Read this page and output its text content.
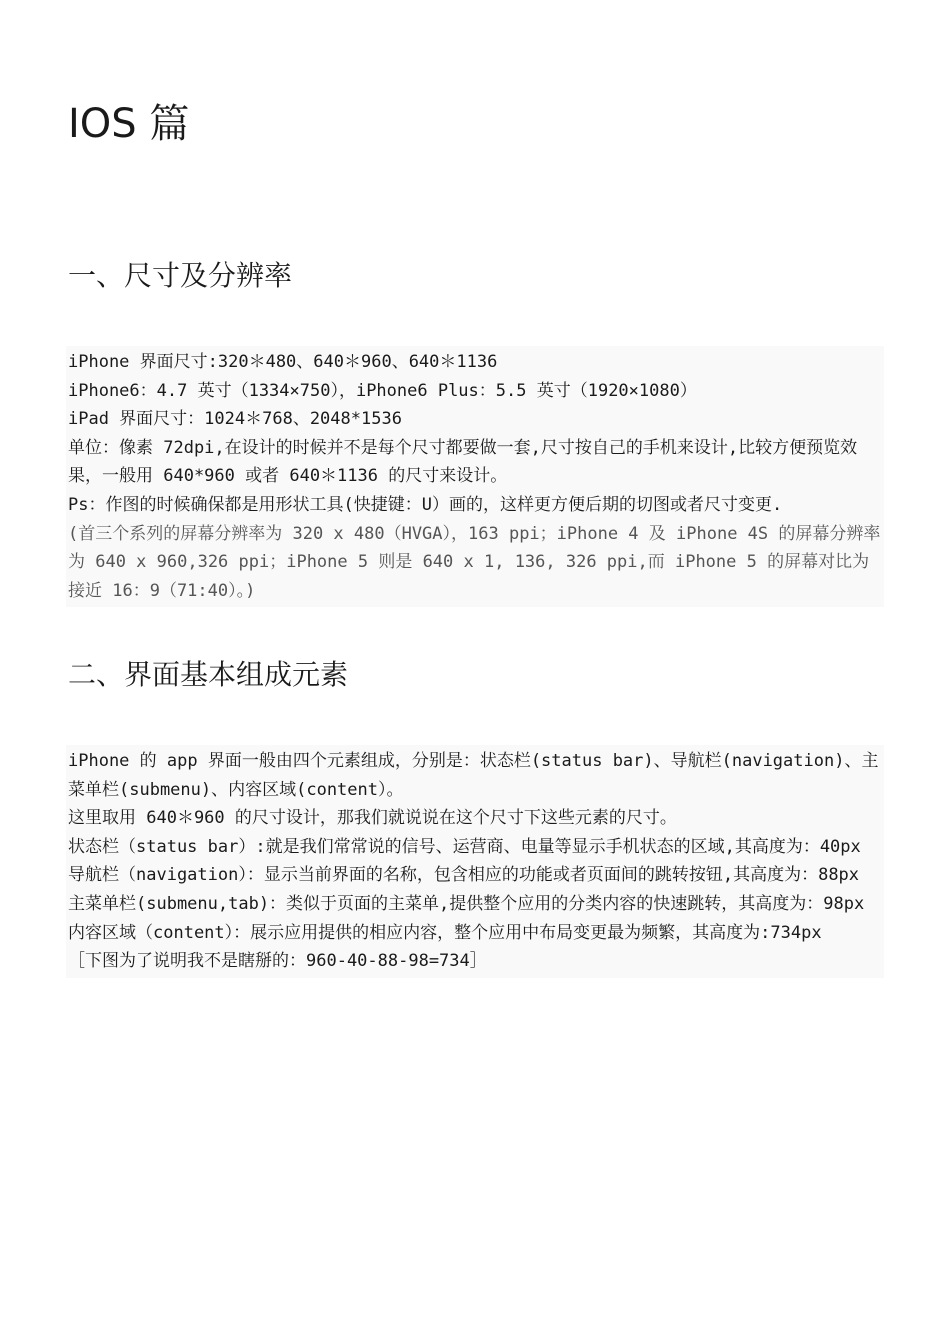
IOS 篇
一、尺寸及分辨率

iPhone 界面尺寸:320＊480、640＊960、640＊1136

iPhone6：4.7 英寸（1334×750），iPhone6 Plus：5.5 英寸（1920×1080）

iPad 界面尺寸：1024＊768、2048*1536

单位：像素 72dpi,在设计的时候并不是每个尺寸都要做一套,尺寸按自己的手机来设计,比较方便预览效果，一般用 640*960 或者 640＊1136 的尺寸来设计。

Ps：作图的时候确保都是用形状工具(快捷键：U）画的，这样更方便后期的切图或者尺寸变更.

(首三个系列的屏幕分辨率为 320 x 480（HVGA），163 ppi；iPhone 4 及 iPhone 4S 的屏幕分辨率为 640 x 960,326 ppi；iPhone 5 则是 640 x 1, 136, 326 ppi,而 iPhone 5 的屏幕对比为接近 16：9（71:40）。)

二、界面基本组成元素

iPhone 的 app 界面一般由四个元素组成，分别是：状态栏(status bar)、导航栏(navigation)、主菜单栏(submenu)、内容区域(content）。

这里取用 640＊960 的尺寸设计，那我们就说说在这个尺寸下这些元素的尺寸。

状态栏（status bar）:就是我们常常说的信号、运营商、电量等显示手机状态的区域,其高度为：40px

导航栏（navigation）：显示当前界面的名称，包含相应的功能或者页面间的跳转按钮,其高度为：88px

主菜单栏(submenu,tab)：类似于页面的主菜单,提供整个应用的分类内容的快速跳转，其高度为：98px

内容区域（content）：展示应用提供的相应内容，整个应用中布局变更最为频繁，其高度为:734px

［下图为了说明我不是瞎掰的：960-40-88-98=734］
